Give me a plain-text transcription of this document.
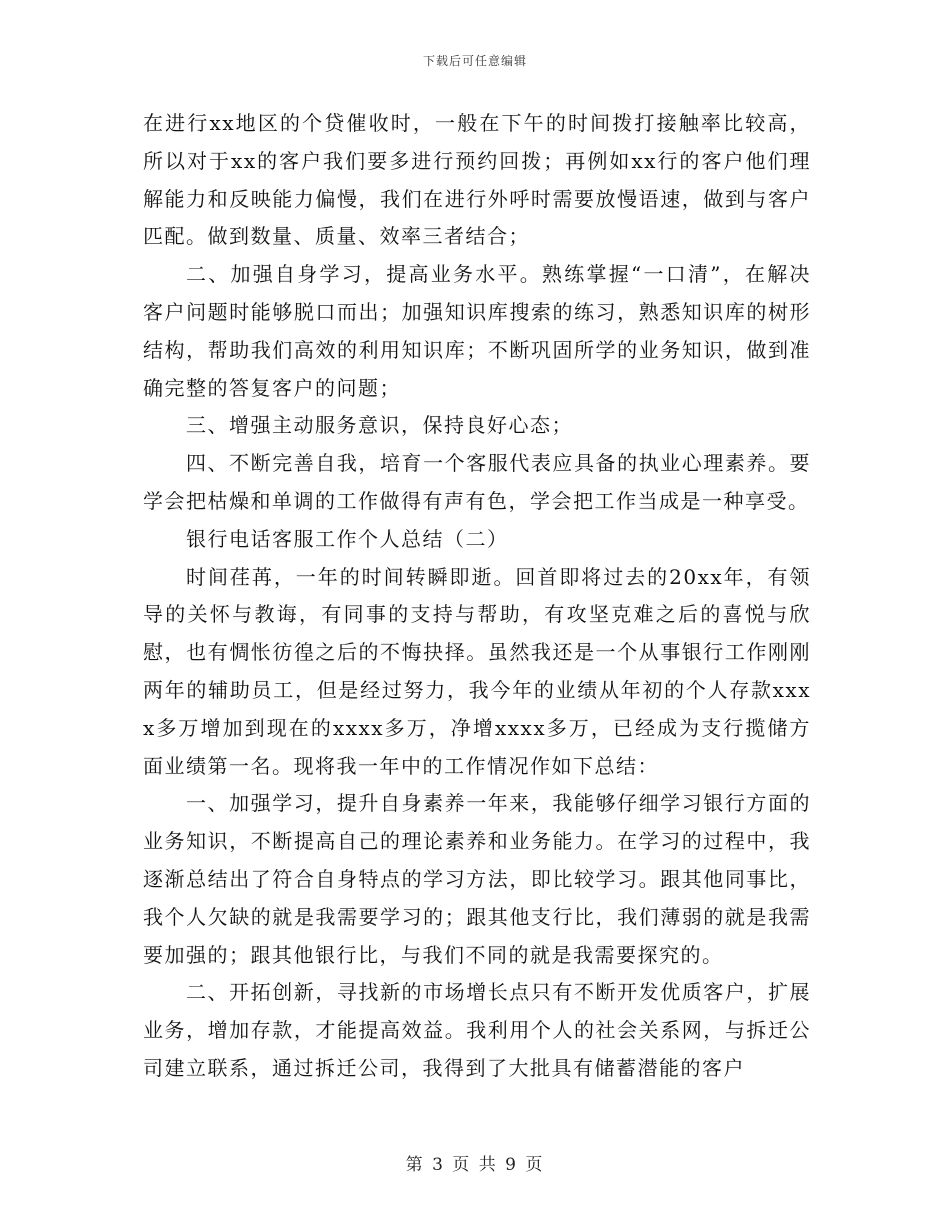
下载后可任意编辑

在进行xx地区的个贷催收时，一般在下午的时间拨打接触率比较高，所以对于xx的客户我们要多进行预约回拨；再例如xx行的客户他们理解能力和反映能力偏慢，我们在进行外呼时需要放慢语速，做到与客户匹配。做到数量、质量、效率三者结合；

二、加强自身学习，提高业务水平。熟练掌握“一口清”，在解决客户问题时能够脱口而出；加强知识库搜索的练习，熟悉知识库的树形结构，帮助我们高效的利用知识库；不断巩固所学的业务知识，做到准确完整的答复客户的问题；

三、增强主动服务意识，保持良好心态；

四、不断完善自我，培育一个客服代表应具备的执业心理素养。要学会把枯燥和单调的工作做得有声有色，学会把工作当成是一种享受。

银行电话客服工作个人总结（二）

时间荏苒，一年的时间转瞬即逝。回首即将过去的20xx年，有领导的关怀与教诲，有同事的支持与帮助，有攻坚克难之后的喜悦与欣慰，也有惆怅彷徨之后的不悔抉择。虽然我还是一个从事银行工作刚刚两年的辅助员工，但是经过努力，我今年的业绩从年初的个人存款xxxx多万增加到现在的xxxx多万，净增xxxx多万，已经成为支行揽储方面业绩第一名。现将我一年中的工作情况作如下总结：

一、加强学习，提升自身素养一年来，我能够仔细学习银行方面的业务知识，不断提高自己的理论素养和业务能力。在学习的过程中，我逐渐总结出了符合自身特点的学习方法，即比较学习。跟其他同事比，我个人欠缺的就是我需要学习的；跟其他支行比，我们薄弱的就是我需要加强的；跟其他银行比，与我们不同的就是我需要探究的。

二、开拓创新，寻找新的市场增长点只有不断开发优质客户，扩展业务，增加存款，才能提高效益。我利用个人的社会关系网，与拆迁公司建立联系，通过拆迁公司，我得到了大批具有储蓄潜能的客户

第 3 页 共 9 页
